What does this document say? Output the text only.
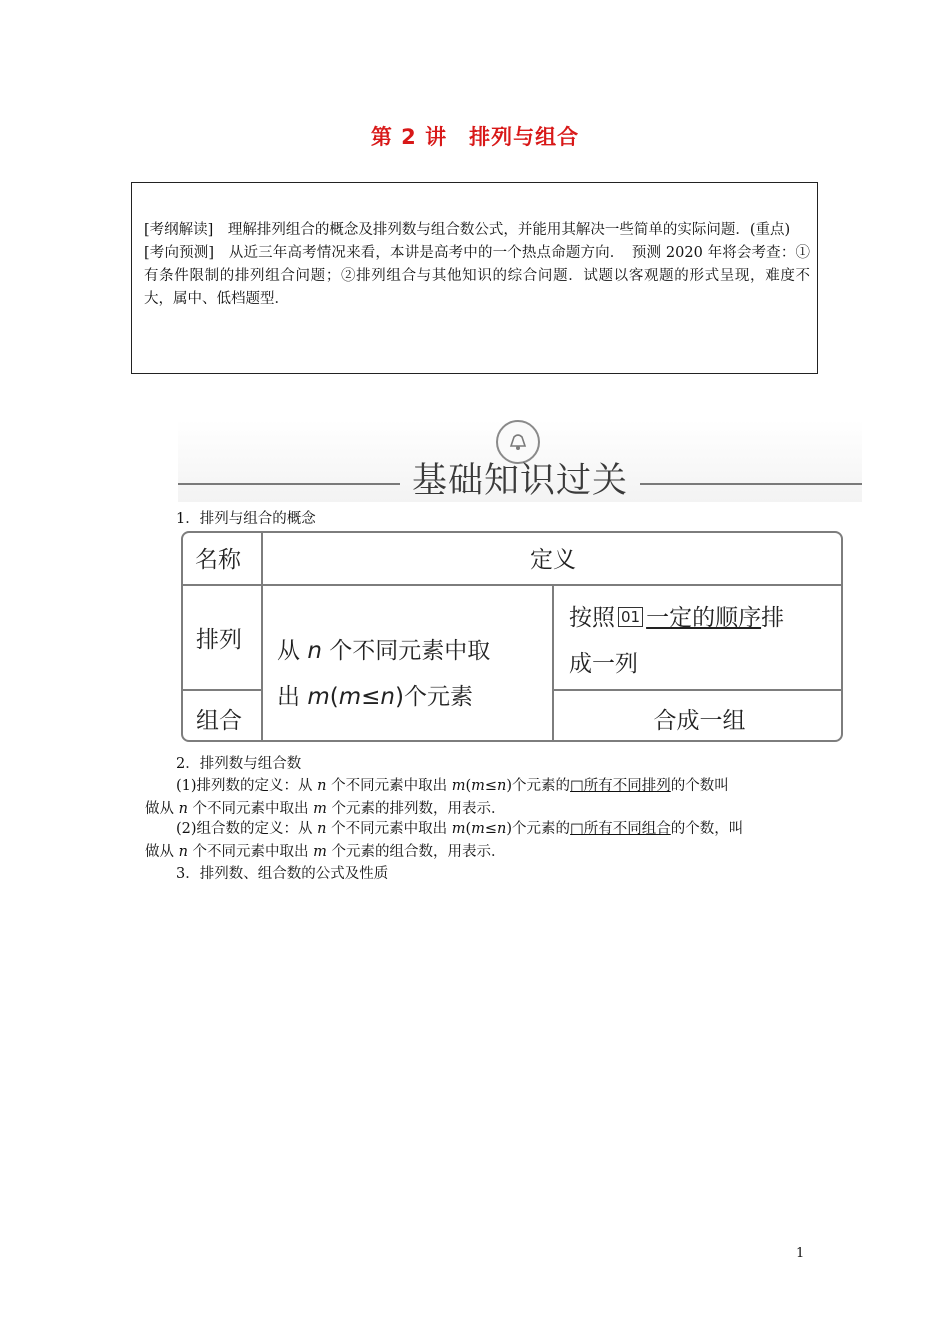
第 2 讲　排列与组合
[考纲解读]　理解排列组合的概念及排列数与组合数公式，并能用其解决一些简单的实际问题．(重点)
[考向预测]　从近三年高考情况来看，本讲是高考中的一个热点命题方向．　预测 2020 年将会考查：①有条件限制的排列组合问题；②排列组合与其他知识的综合问题．试题以客观题的形式呈现，难度不大，属中、低档题型．
基础知识过关
1．排列与组合的概念
名称	定义
排列
组合
从 n 个不同元素中取
出 m(m≤n)个元素
按照 01 一定的顺序排
成一列
合成一组
2．排列数与组合数
(1)排列数的定义：从 n 个不同元素中取出 m(m≤n)个元素的□所有不同排列的个数叫
做从 n 个不同元素中取出 m 个元素的排列数，用表示．
(2)组合数的定义：从 n 个不同元素中取出 m(m≤n)个元素的□所有不同组合的个数，叫
做从 n 个不同元素中取出 m 个元素的组合数，用表示．
3．排列数、组合数的公式及性质
1
